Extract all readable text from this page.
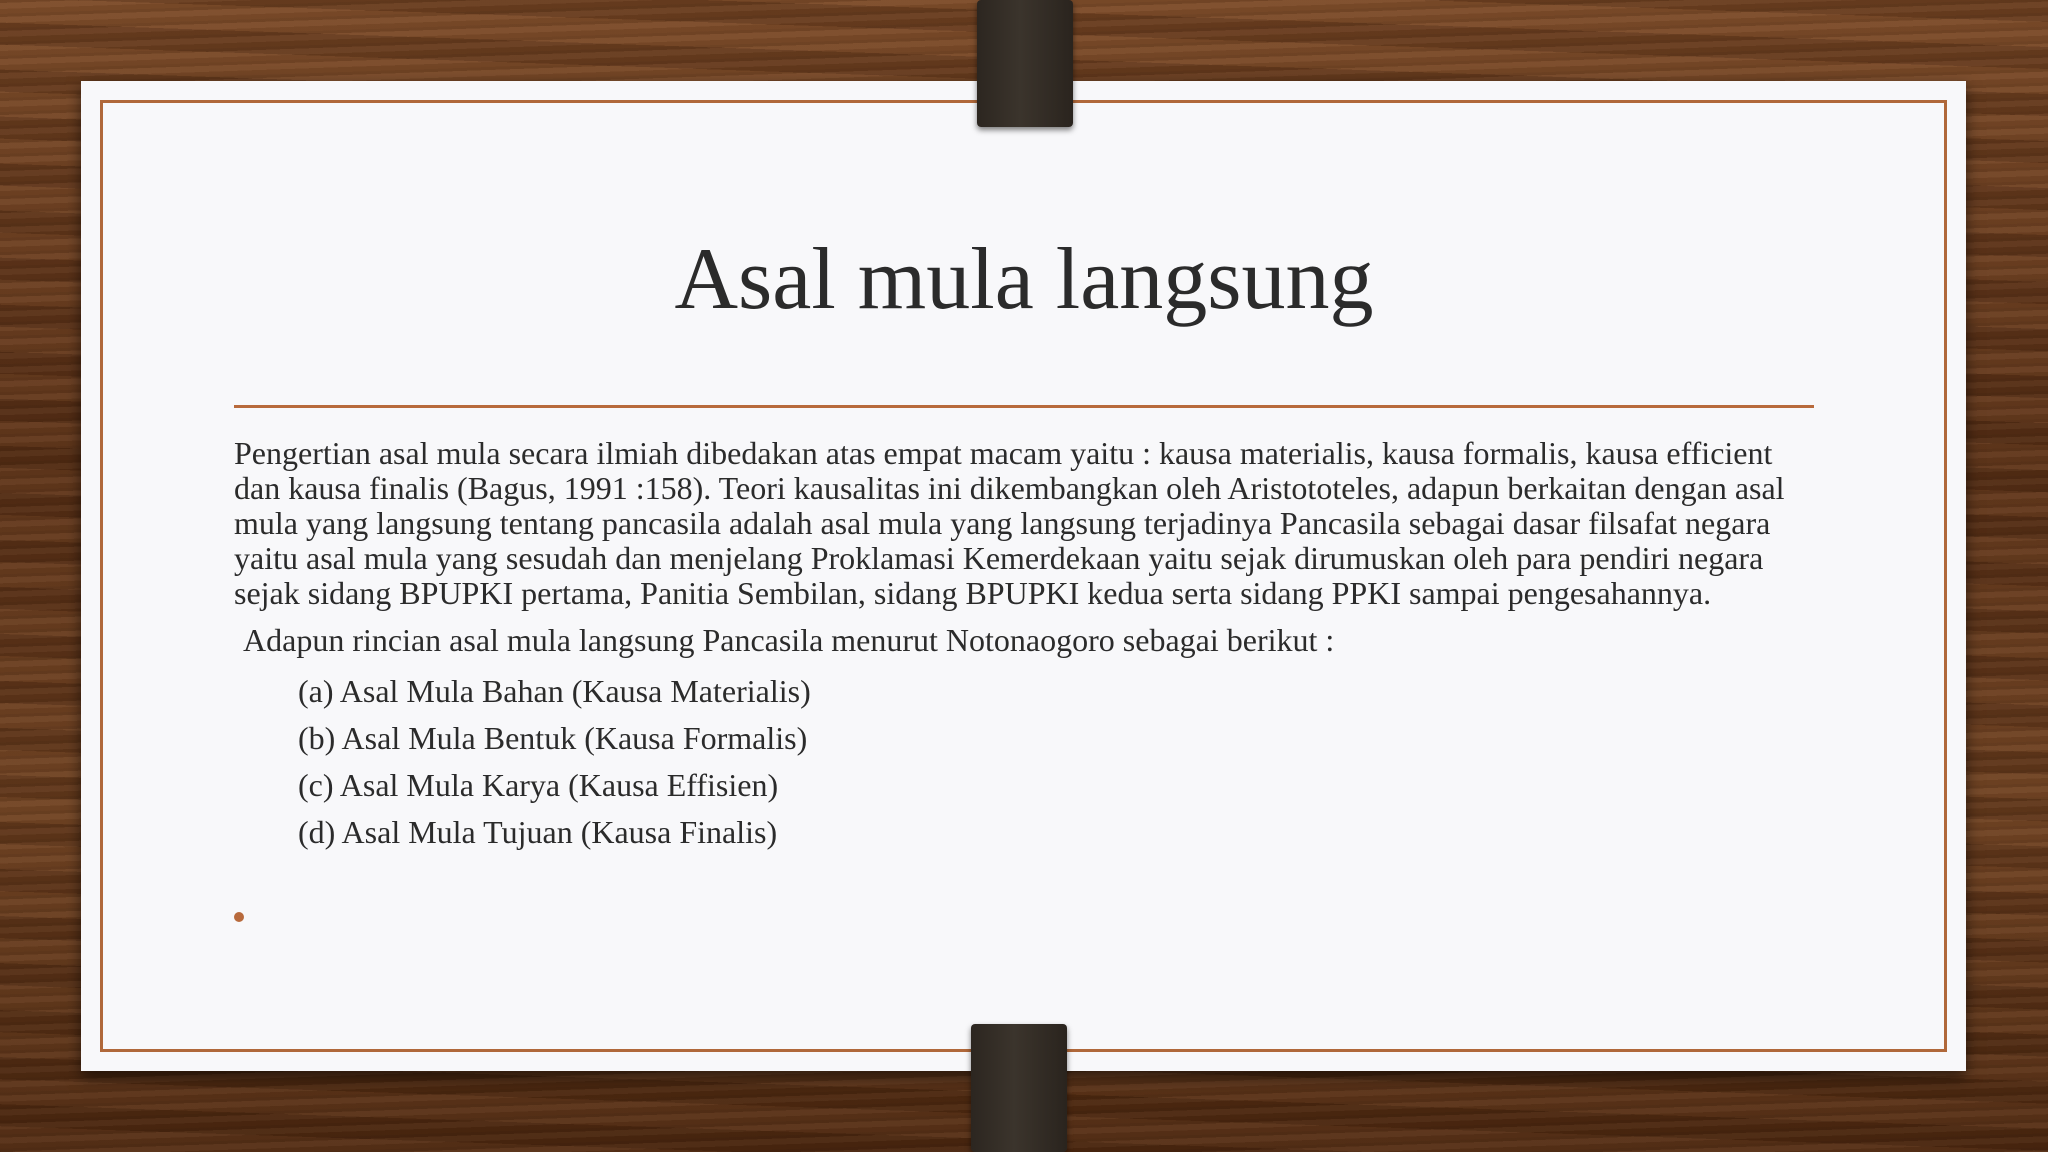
Asal mula langsung

Pengertian asal mula secara ilmiah dibedakan atas empat macam yaitu : kausa materialis, kausa formalis, kausa efficient dan kausa finalis (Bagus, 1991 :158). Teori kausalitas ini dikembangkan oleh Aristototeles, adapun berkaitan dengan asal mula yang langsung tentang pancasila adalah asal mula yang langsung terjadinya Pancasila sebagai dasar filsafat negara yaitu asal mula yang sesudah dan menjelang Proklamasi Kemerdekaan yaitu sejak dirumuskan oleh para pendiri negara sejak sidang BPUPKI pertama, Panitia Sembilan, sidang BPUPKI kedua serta sidang PPKI sampai pengesahannya.

Adapun rincian asal mula langsung Pancasila menurut Notonaogoro sebagai berikut :

(a) Asal Mula Bahan (Kausa Materialis)
(b) Asal Mula Bentuk (Kausa Formalis)
(c) Asal Mula Karya (Kausa Effisien)
(d) Asal Mula Tujuan (Kausa Finalis)
